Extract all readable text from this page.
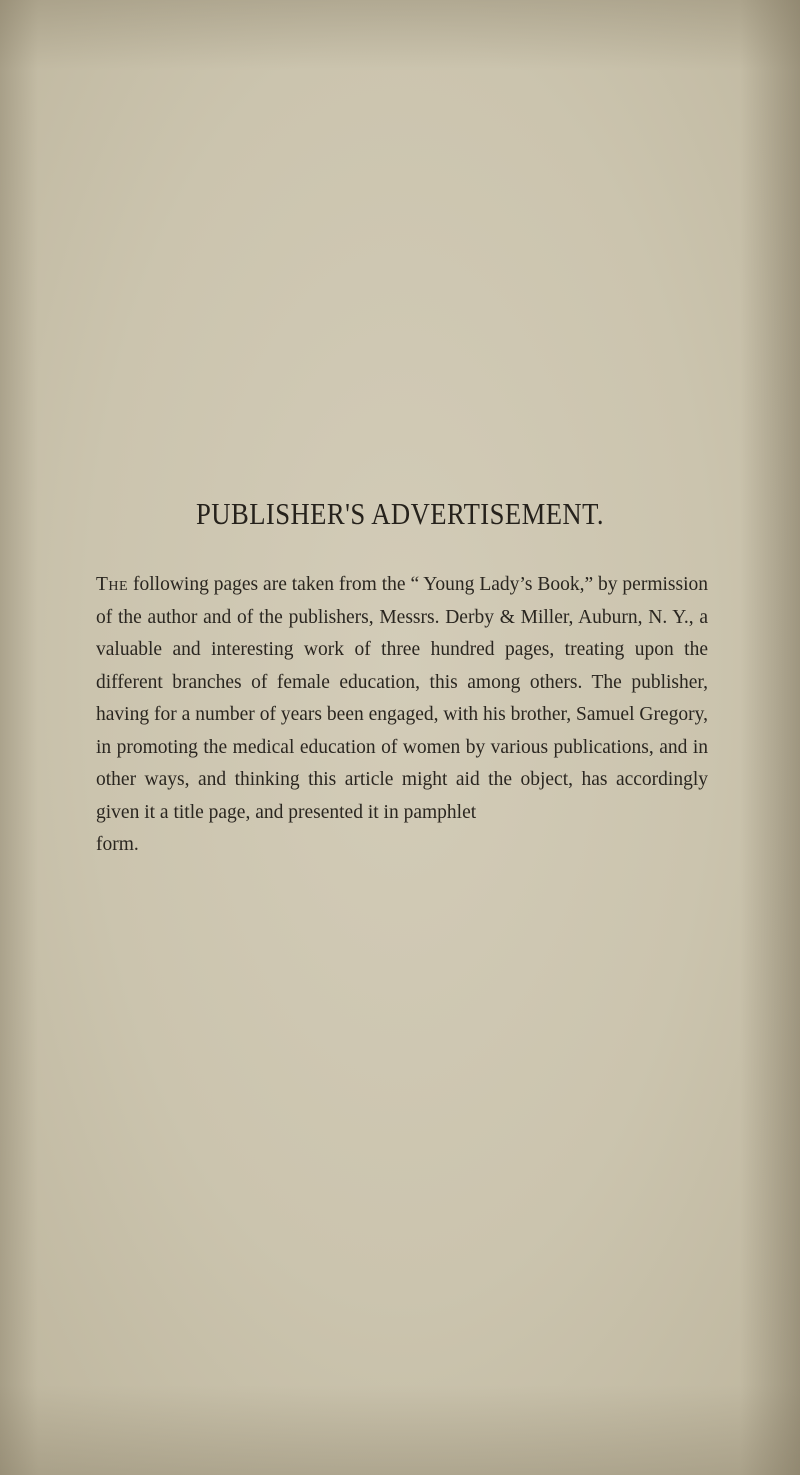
PUBLISHER'S ADVERTISEMENT.

The following pages are taken from the “ Young Lady’s Book,” by permission of the author and of the publishers, Messrs. Derby & Miller, Auburn, N. Y., a valuable and interesting work of three hundred pages, treating upon the different branches of female education, this among others. The publisher, having for a number of years been engaged, with his brother, Samuel Gregory, in promoting the medical education of women by various publications, and in other ways, and thinking this article might aid the object, has accordingly given it a title page, and presented it in pamphlet
form.
